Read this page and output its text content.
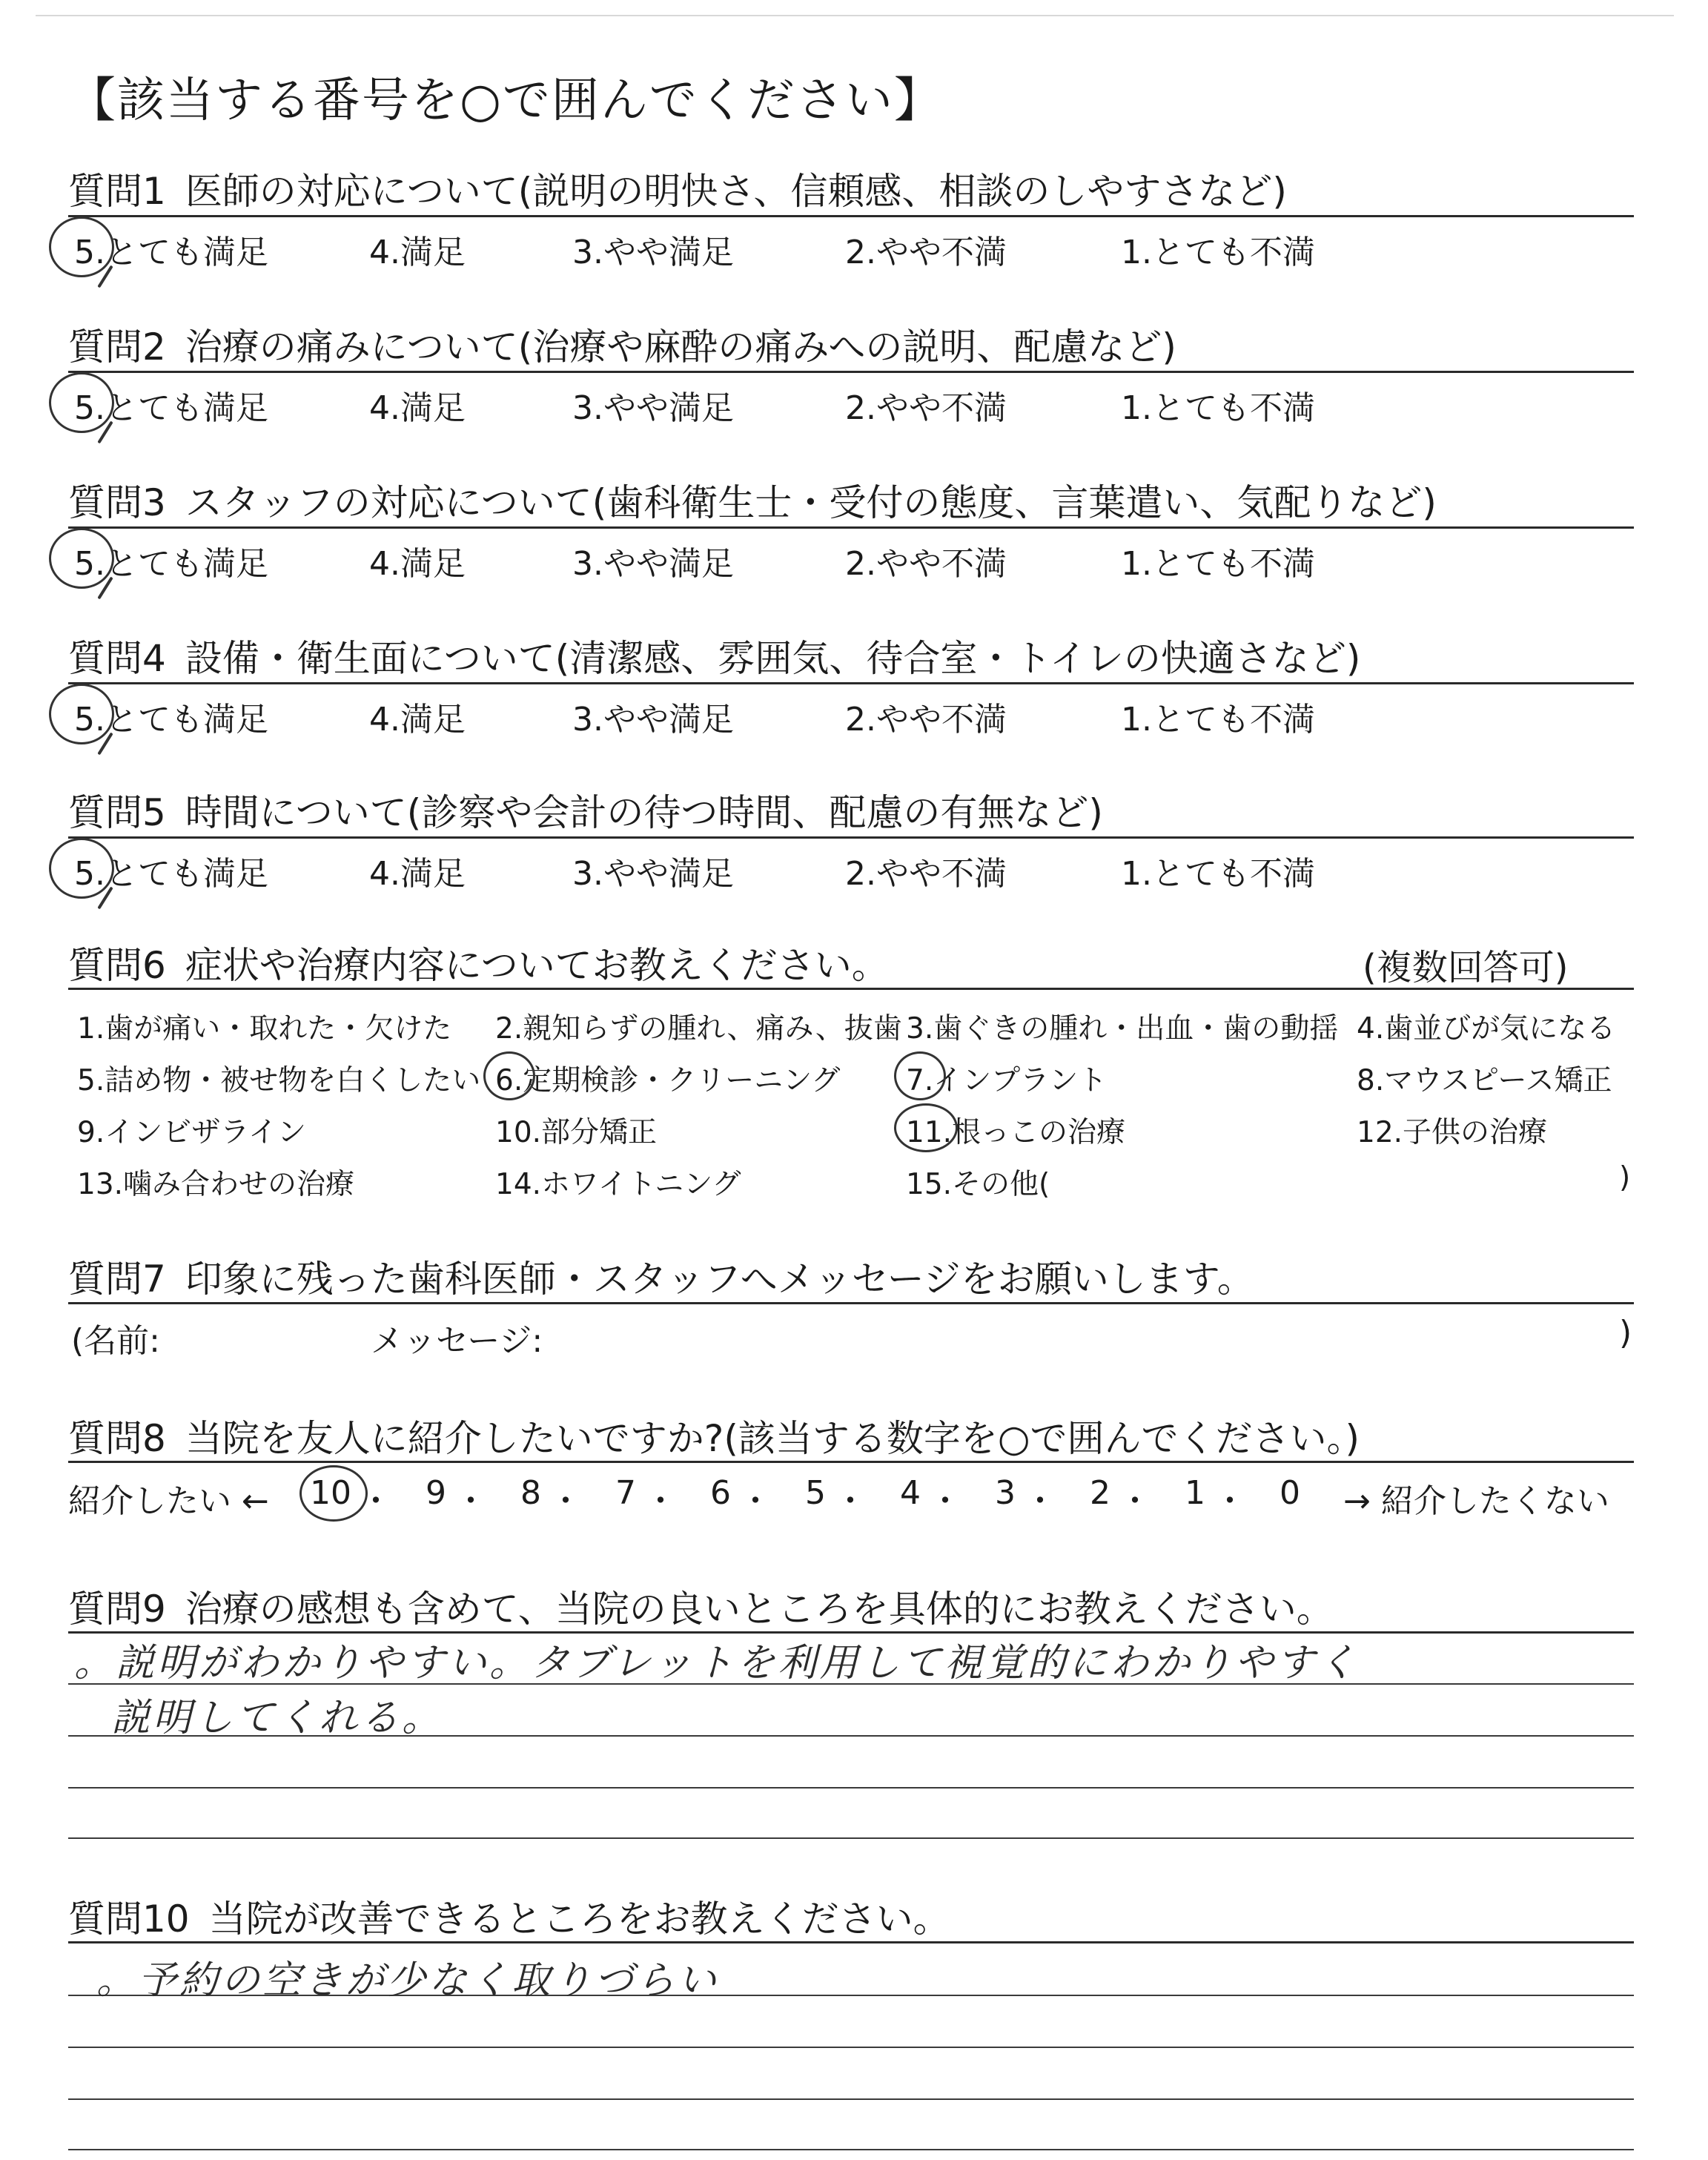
【該当する番号を○で囲んでください】
質問1 医師の対応について(説明の明快さ、信頼感、相談のしやすさなど)
5.とても満足	4.満足	3.やや満足	2.やや不満	1.とても不満
質問2 治療の痛みについて(治療や麻酔の痛みへの説明、配慮など)
5.とても満足	4.満足	3.やや満足	2.やや不満	1.とても不満
質問3 スタッフの対応について(歯科衛生士・受付の態度、言葉遣い、気配りなど)
5.とても満足	4.満足	3.やや満足	2.やや不満	1.とても不満
質問4 設備・衛生面について(清潔感、雰囲気、待合室・トイレの快適さなど)
5.とても満足	4.満足	3.やや満足	2.やや不満	1.とても不満
質問5 時間について(診察や会計の待つ時間、配慮の有無など)
5.とても満足	4.満足	3.やや満足	2.やや不満	1.とても不満
質問6 症状や治療内容についてお教えください。	(複数回答可)
1.歯が痛い・取れた・欠けた 2.親知らずの腫れ、痛み、抜歯 3.歯ぐきの腫れ・出血・歯の動揺 4.歯並びが気になる
5.詰め物・被せ物を白くしたい 6.定期検診・クリーニング 7.インプラント	8.マウスピース矯正
9.インビザライン	10.部分矯正	11.根っこの治療	12.子供の治療
13.噛み合わせの治療	14.ホワイトニング	15.その他(	)
質問7 印象に残った歯科医師・スタッフへメッセージをお願いします。
(名前:	メッセージ:	)
質問8 当院を友人に紹介したいですか?(該当する数字を○で囲んでください。)
紹介したい ←	→ 紹介したくない
10 ・ 9 ・ 8 ・ 7 ・ 6 ・ 5 ・ 4 ・ 3 ・ 2 ・ 1 ・ 0
質問9 治療の感想も含めて、当院の良いところを具体的にお教えください。
。説明がわかりやすい。タブレットを利用して視覚的にわかりやすく
説明してくれる。
質問10 当院が改善できるところをお教えください。
。予約の空きが少なく取りづらい
